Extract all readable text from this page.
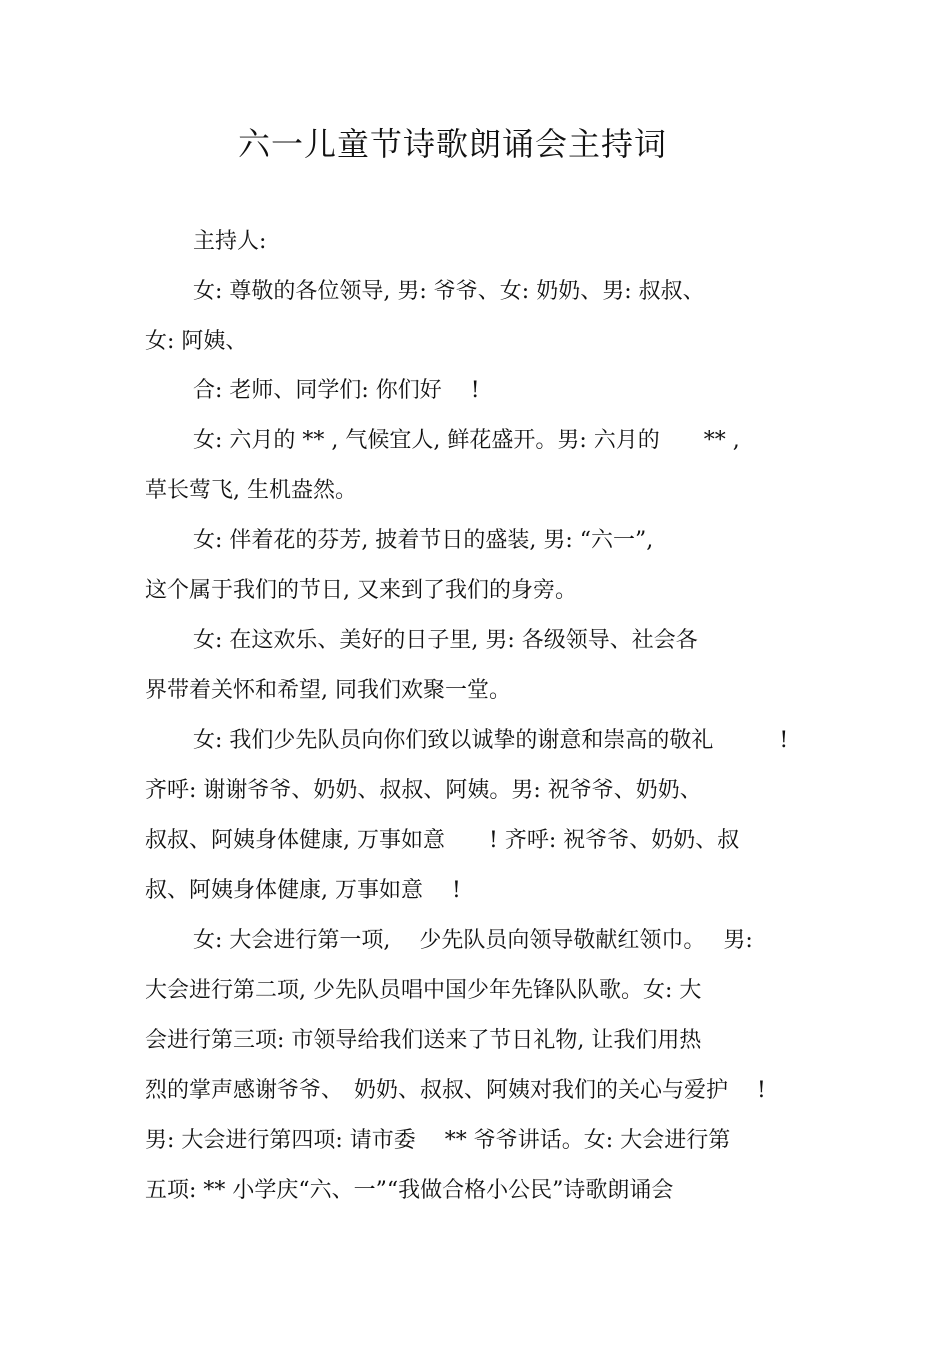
六一儿童节诗歌朗诵会主持词
主持人:
女: 尊敬的各位领导, 男: 爷爷、女: 奶奶、男: 叔叔、
女: 阿姨、
合: 老师、同学们: 你们好　 !
女: 六月的 ** , 气候宜人, 鲜花盛开。男: 六月的　　** ,
草长莺飞, 生机盎然。
女: 伴着花的芬芳, 披着节日的盛装, 男: “六一”,
这个属于我们的节日, 又来到了我们的身旁。
女: 在这欢乐、美好的日子里, 男: 各级领导、社会各
界带着关怀和希望, 同我们欢聚一堂。
女: 我们少先队员向你们致以诚挚的谢意和崇高的敬礼　　　!
齐呼: 谢谢爷爷、奶奶、叔叔、阿姨。男: 祝爷爷、奶奶、
叔叔、阿姨身体健康, 万事如意　　! 齐呼: 祝爷爷、奶奶、叔
叔、阿姨身体健康, 万事如意　 !
女: 大会进行第一项,　 少先队员向领导敬献红领巾。　 男:
大会进行第二项, 少先队员唱中国少年先锋队队歌。女: 大
会进行第三项: 市领导给我们送来了节日礼物, 让我们用热
烈的掌声感谢爷爷、　奶奶、叔叔、阿姨对我们的关心与爱护　 !
男: 大会进行第四项: 请市委　 ** 爷爷讲话。女: 大会进行第
五项: ** 小学庆“六、一”“我做合格小公民”诗歌朗诵会
